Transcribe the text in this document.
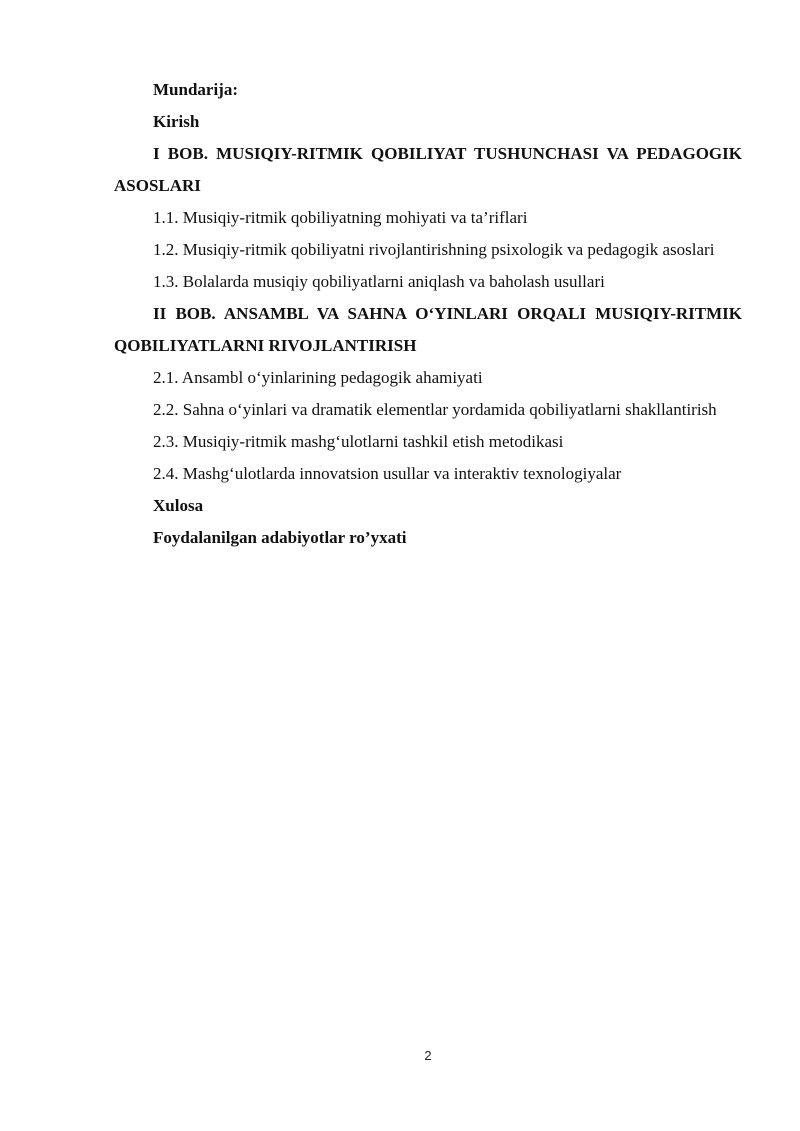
Mundarija:

Kirish

I BOB. MUSIQIY-RITMIK QOBILIYAT TUSHUNCHASI VA PEDAGOGIK ASOSLARI

1.1. Musiqiy-ritmik qobiliyatning mohiyati va ta’riflari

1.2. Musiqiy-ritmik qobiliyatni rivojlantirishning psixologik va pedagogik asoslari

1.3. Bolalarda musiqiy qobiliyatlarni aniqlash va baholash usullari

II BOB. ANSAMBL VA SAHNA O‘YINLARI ORQALI MUSIQIY-RITMIK QOBILIYATLARNI RIVOJLANTIRISH

2.1. Ansambl o‘yinlarining pedagogik ahamiyati

2.2. Sahna o‘yinlari va dramatik elementlar yordamida qobiliyatlarni shakllantirish

2.3. Musiqiy-ritmik mashg‘ulotlarni tashkil etish metodikasi

2.4. Mashg‘ulotlarda innovatsion usullar va interaktiv texnologiyalar

Xulosa

Foydalanilgan adabiyotlar ro’yxati

2
